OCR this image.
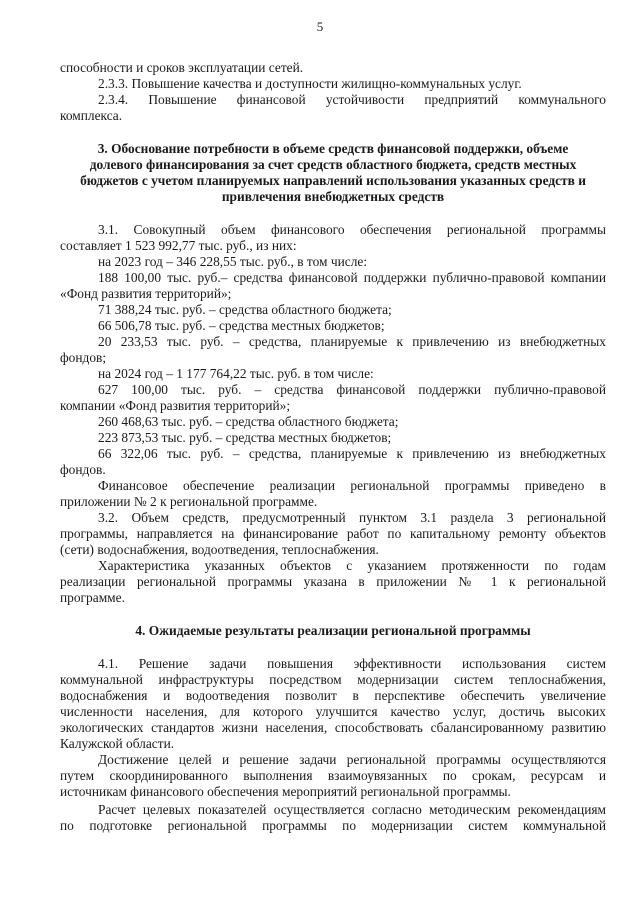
5
способности и сроков эксплуатации сетей.
2.3.3. Повышение качества и доступности жилищно-коммунальных услуг.
2.3.4. Повышение финансовой устойчивости предприятий коммунального
комплекса.
3. Обоснование потребности в объеме средств финансовой поддержки, объеме
долевого финансирования за счет средств областного бюджета, средств местных
бюджетов с учетом планируемых направлений использования указанных средств и
привлечения внебюджетных средств
3.1. Совокупный объем финансового обеспечения региональной программы
составляет 1 523 992,77 тыс. руб., из них:
на 2023 год – 346 228,55 тыс. руб., в том числе:
188 100,00 тыс. руб.– средства финансовой поддержки публично-правовой компании
«Фонд развития территорий»;
71 388,24 тыс. руб. – средства областного бюджета;
66 506,78 тыс. руб. – средства местных бюджетов;
20 233,53 тыс. руб. – средства, планируемые к привлечению из внебюджетных
фондов;
на 2024 год – 1 177 764,22 тыс. руб. в том числе:
627 100,00 тыс. руб. – средства финансовой поддержки публично-правовой
компании «Фонд развития территорий»;
260 468,63 тыс. руб. – средства областного бюджета;
223 873,53 тыс. руб. – средства местных бюджетов;
66 322,06 тыс. руб. – средства, планируемые к привлечению из внебюджетных
фондов.
Финансовое обеспечение реализации региональной программы приведено в
приложении № 2 к региональной программе.
3.2. Объем средств, предусмотренный пунктом 3.1 раздела 3 региональной
программы, направляется на финансирование работ по капитальному ремонту объектов
(сети) водоснабжения, водоотведения, теплоснабжения.
Характеристика указанных объектов с указанием протяженности по годам
реализации региональной программы указана в приложении № 1 к региональной
программе.
4. Ожидаемые результаты реализации региональной программы
4.1. Решение задачи повышения эффективности использования систем
коммунальной инфраструктуры посредством модернизации систем теплоснабжения,
водоснабжения и водоотведения позволит в перспективе обеспечить увеличение
численности населения, для которого улучшится качество услуг, достичь высоких
экологических стандартов жизни населения, способствовать сбалансированному развитию
Калужской области.
Достижение целей и решение задачи региональной программы осуществляются
путем скоординированного выполнения взаимоувязанных по срокам, ресурсам и
источникам финансового обеспечения мероприятий региональной программы.
Расчет целевых показателей осуществляется согласно методическим рекомендациям
по подготовке региональной программы по модернизации систем коммунальной
